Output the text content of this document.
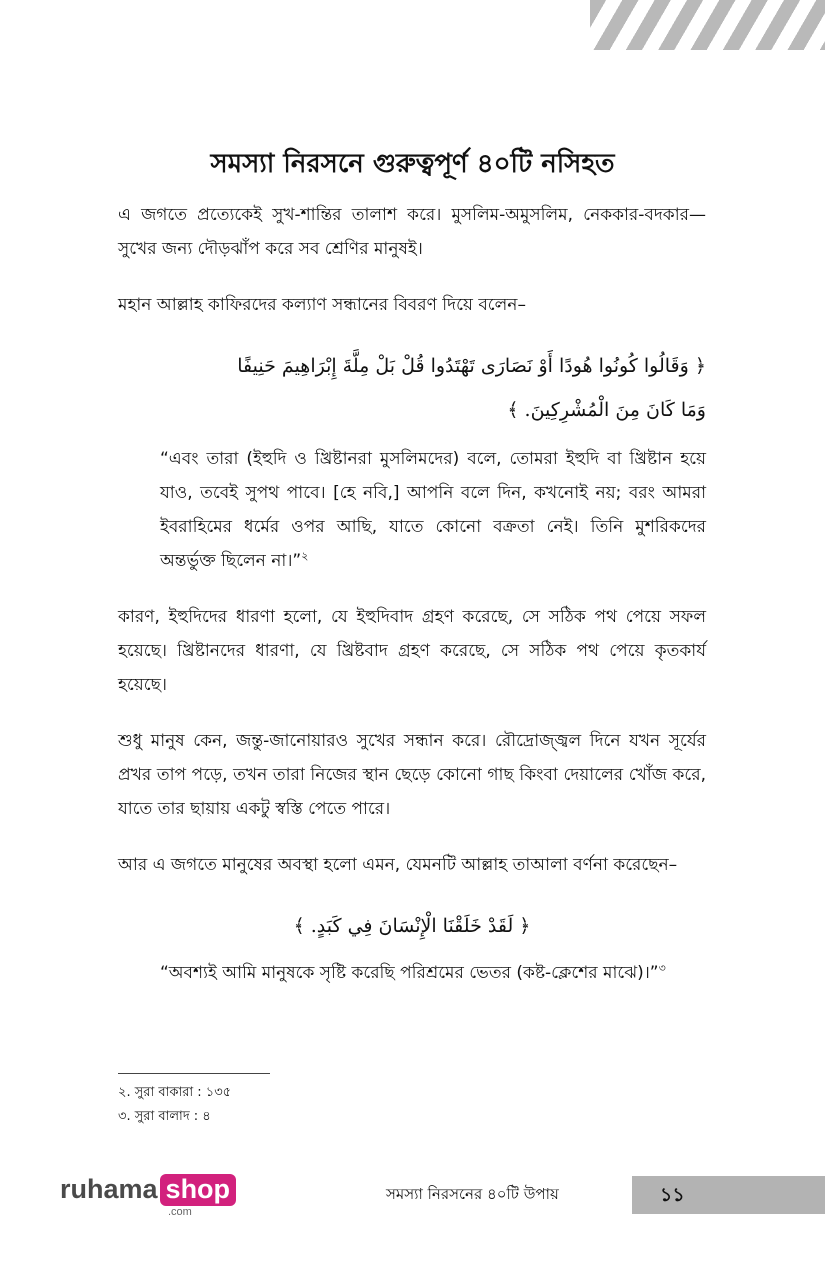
সমস্যা নিরসনে গুরুত্বপূর্ণ ৪০টি নসিহত

এ জগতে প্রত্যেকেই সুখ-শান্তির তালাশ করে। মুসলিম-অমুসলিম, নেককার-বদকার—সুখের জন্য দৌড়ঝাঁপ করে সব শ্রেণির মানুষই।

মহান আল্লাহ কাফিরদের কল্যাণ সন্ধানের বিবরণ দিয়ে বলেন–

﴿ وَقَالُوا كُونُوا هُودًا أَوْ نَصَارَى تَهْتَدُوا قُلْ بَلْ مِلَّةَ إِبْرَاهِيمَ حَنِيفًا
وَمَا كَانَ مِنَ الْمُشْرِكِينَ. ﴾

“এবং তারা (ইহুদি ও খ্রিষ্টানরা মুসলিমদের) বলে, তোমরা ইহুদি বা খ্রিষ্টান হয়ে যাও, তবেই সুপথ পাবে। [হে নবি,] আপনি বলে দিন, কখনোই নয়; বরং আমরা ইবরাহিমের ধর্মের ওপর আছি, যাতে কোনো বক্রতা নেই। তিনি মুশরিকদের অন্তর্ভুক্ত ছিলেন না।”$^২$

কারণ, ইহুদিদের ধারণা হলো, যে ইহুদিবাদ গ্রহণ করেছে, সে সঠিক পথ পেয়ে সফল হয়েছে। খ্রিষ্টানদের ধারণা, যে খ্রিষ্টবাদ গ্রহণ করেছে, সে সঠিক পথ পেয়ে কৃতকার্য হয়েছে।

শুধু মানুষ কেন, জন্তু-জানোয়ারও সুখের সন্ধান করে। রৌদ্রোজ্জ্বল দিনে যখন সূর্যের প্রখর তাপ পড়ে, তখন তারা নিজের স্থান ছেড়ে কোনো গাছ কিংবা দেয়ালের খোঁজ করে, যাতে তার ছায়ায় একটু স্বস্তি পেতে পারে।

আর এ জগতে মানুষের অবস্থা হলো এমন, যেমনটি আল্লাহ তাআলা বর্ণনা করেছেন–

﴿ لَقَدْ خَلَقْنَا الْإِنْسَانَ فِي كَبَدٍ. ﴾

“অবশ্যই আমি মানুষকে সৃষ্টি করেছি পরিশ্রমের ভেতর (কষ্ট-ক্লেশের মাঝে)।”$^৩$

২. সুরা বাকারা : ১৩৫
৩. সুরা বালাদ : ৪
ruhama shop
.com
সমস্যা নিরসনের ৪০টি উপায়	১১
